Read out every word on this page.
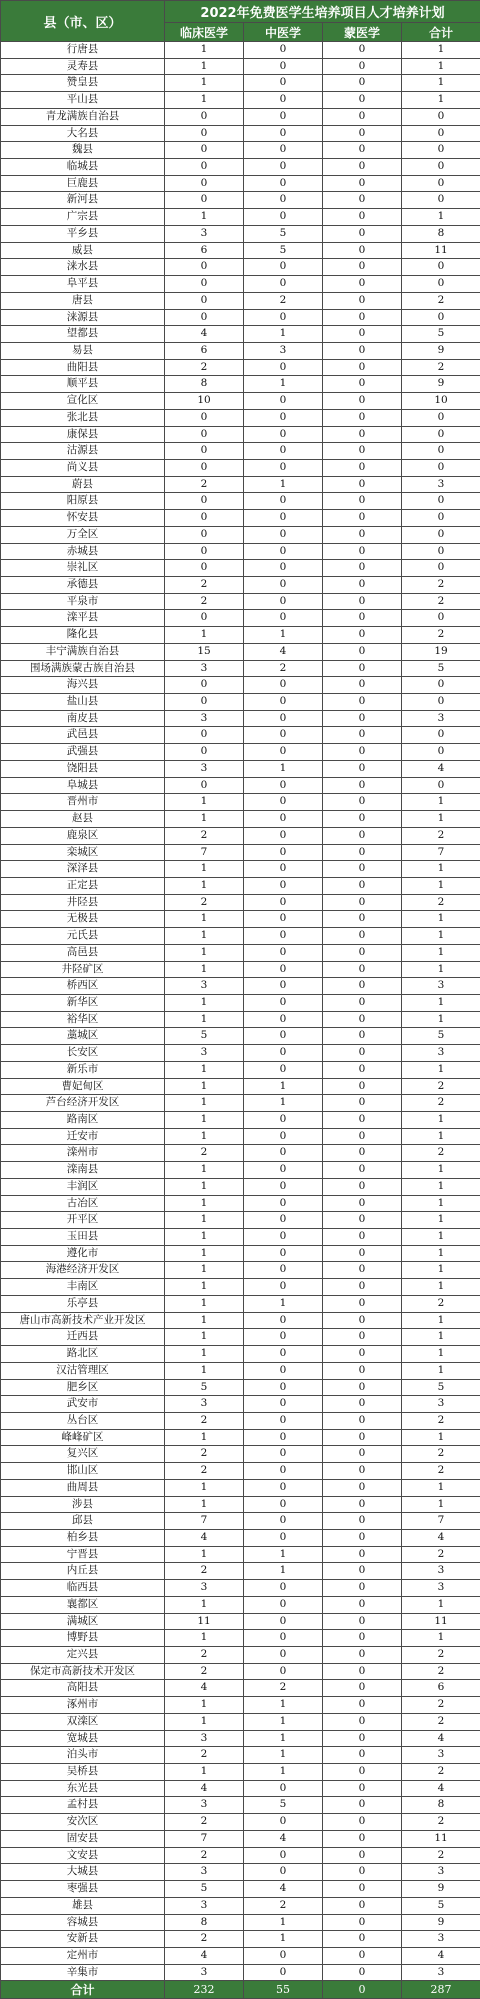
县（市、区）	2022年免费医学生培养项目人才培养计划			
	临床医学	中医学	蒙医学	合计
行唐县	1	0	0	1
灵寿县	1	0	0	1
赞皇县	1	0	0	1
平山县	1	0	0	1
青龙满族自治县	0	0	0	0
大名县	0	0	0	0
魏县	0	0	0	0
临城县	0	0	0	0
巨鹿县	0	0	0	0
新河县	0	0	0	0
广宗县	1	0	0	1
平乡县	3	5	0	8
威县	6	5	0	11
涞水县	0	0	0	0
阜平县	0	0	0	0
唐县	0	2	0	2
涞源县	0	0	0	0
望都县	4	1	0	5
易县	6	3	0	9
曲阳县	2	0	0	2
顺平县	8	1	0	9
宣化区	10	0	0	10
张北县	0	0	0	0
康保县	0	0	0	0
沽源县	0	0	0	0
尚义县	0	0	0	0
蔚县	2	1	0	3
阳原县	0	0	0	0
怀安县	0	0	0	0
万全区	0	0	0	0
赤城县	0	0	0	0
崇礼区	0	0	0	0
承德县	2	0	0	2
平泉市	2	0	0	2
滦平县	0	0	0	0
隆化县	1	1	0	2
丰宁满族自治县	15	4	0	19
围场满族蒙古族自治县	3	2	0	5
海兴县	0	0	0	0
盐山县	0	0	0	0
南皮县	3	0	0	3
武邑县	0	0	0	0
武强县	0	0	0	0
饶阳县	3	1	0	4
阜城县	0	0	0	0
晋州市	1	0	0	1
赵县	1	0	0	1
鹿泉区	2	0	0	2
栾城区	7	0	0	7
深泽县	1	0	0	1
正定县	1	0	0	1
井陉县	2	0	0	2
无极县	1	0	0	1
元氏县	1	0	0	1
高邑县	1	0	0	1
井陉矿区	1	0	0	1
桥西区	3	0	0	3
新华区	1	0	0	1
裕华区	1	0	0	1
藁城区	5	0	0	5
长安区	3	0	0	3
新乐市	1	0	0	1
曹妃甸区	1	1	0	2
芦台经济开发区	1	1	0	2
路南区	1	0	0	1
迁安市	1	0	0	1
滦州市	2	0	0	2
滦南县	1	0	0	1
丰润区	1	0	0	1
古冶区	1	0	0	1
开平区	1	0	0	1
玉田县	1	0	0	1
遵化市	1	0	0	1
海港经济开发区	1	0	0	1
丰南区	1	0	0	1
乐亭县	1	1	0	2
唐山市高新技术产业开发区	1	0	0	1
迁西县	1	0	0	1
路北区	1	0	0	1
汉沽管理区	1	0	0	1
肥乡区	5	0	0	5
武安市	3	0	0	3
丛台区	2	0	0	2
峰峰矿区	1	0	0	1
复兴区	2	0	0	2
邯山区	2	0	0	2
曲周县	1	0	0	1
涉县	1	0	0	1
邱县	7	0	0	7
柏乡县	4	0	0	4
宁晋县	1	1	0	2
内丘县	2	1	0	3
临西县	3	0	0	3
襄都区	1	0	0	1
满城区	11	0	0	11
博野县	1	0	0	1
定兴县	2	0	0	2
保定市高新技术开发区	2	0	0	2
高阳县	4	2	0	6
涿州市	1	1	0	2
双滦区	1	1	0	2
宽城县	3	1	0	4
泊头市	2	1	0	3
吴桥县	1	1	0	2
东光县	4	0	0	4
孟村县	3	5	0	8
安次区	2	0	0	2
固安县	7	4	0	11
文安县	2	0	0	2
大城县	3	0	0	3
枣强县	5	4	0	9
雄县	3	2	0	5
容城县	8	1	0	9
安新县	2	1	0	3
定州市	4	0	0	4
辛集市	3	0	0	3
合计	232	55	0	287
